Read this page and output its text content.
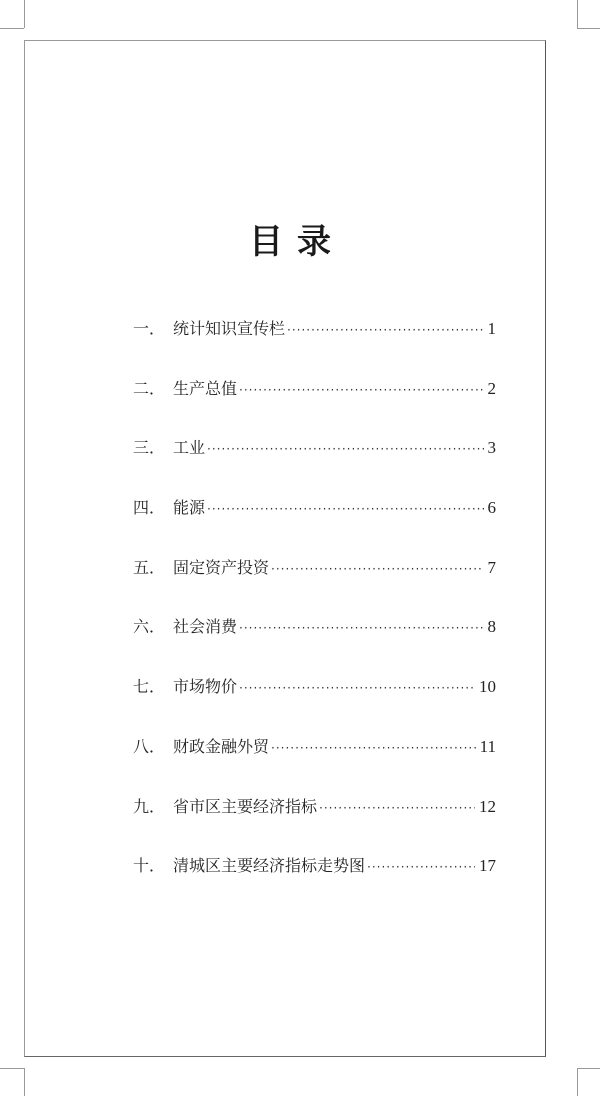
目录
一． 统计知识宣传栏 ·····	1
二． 生产总值 ·····	2
三． 工业 ·····	3
四． 能源 ·····	6
五． 固定资产投资 ·····	7
六． 社会消费 ·····	8
七． 市场物价 ·····	10
八． 财政金融外贸 ·····	11
九． 省市区主要经济指标 ·····	12
十． 清城区主要经济指标走势图 ·····	17
